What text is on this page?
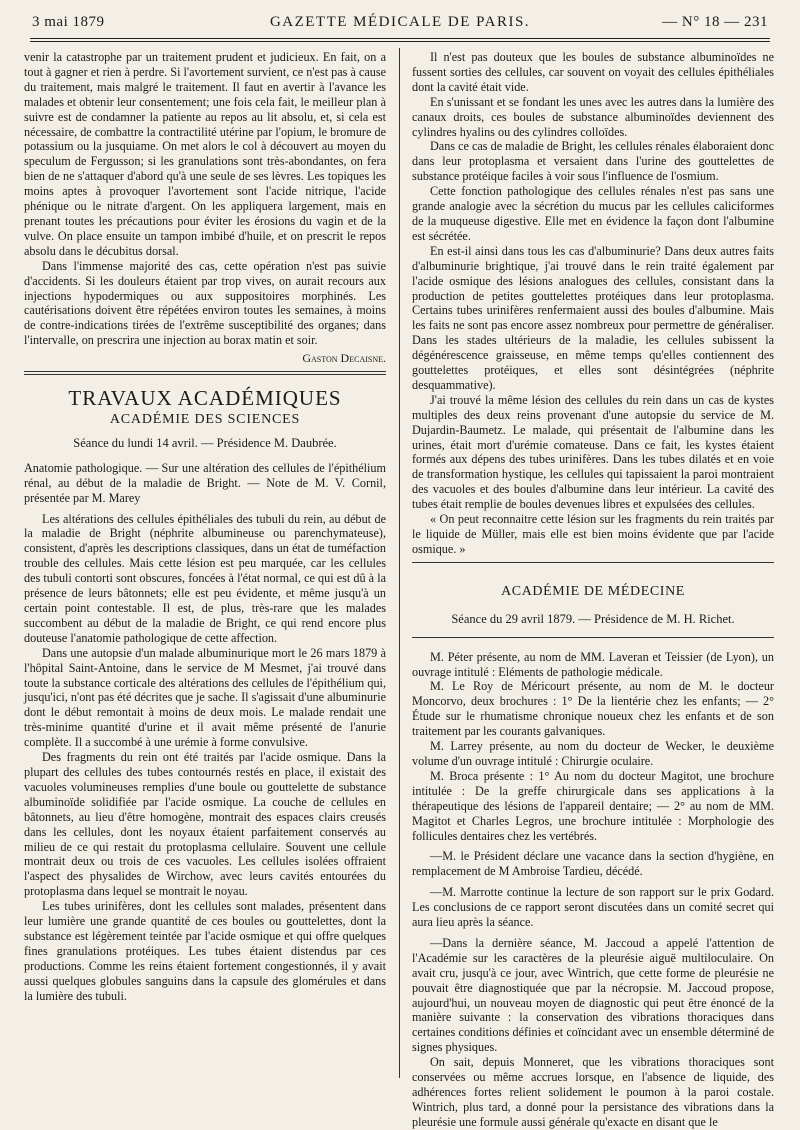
3 mai 1879	GAZETTE MÉDICALE DE PARIS.	— N° 18 — 231

venir la catastrophe par un traitement prudent et judicieux. En fait, on a tout à gagner et rien à perdre. Si l'avortement survient, ce n'est pas à cause du traitement, mais malgré le traitement. Il faut en avertir à l'avance les malades et obtenir leur consentement; une fois cela fait, le meilleur plan à suivre est de condamner la patiente au repos au lit absolu, et, si cela est nécessaire, de combattre la contractilité utérine par l'opium, le bromure de potassium ou la jusquiame. On met alors le col à découvert au moyen du speculum de Fergusson; si les granulations sont très-abondantes, on fera bien de ne s'attaquer d'abord qu'à une seule de ses lèvres. Les topiques les moins aptes à provoquer l'avortement sont l'acide nitrique, l'acide phénique ou le nitrate d'argent. On les appliquera largement, mais en prenant toutes les précautions pour éviter les érosions du vagin et de la vulve. On place ensuite un tampon imbibé d'huile, et on prescrit le repos absolu dans le décubitus dorsal.

Dans l'immense majorité des cas, cette opération n'est pas suivie d'accidents. Si les douleurs étaient par trop vives, on aurait recours aux injections hypodermiques ou aux suppositoires morphinés. Les cautérisations doivent être répétées environ toutes les semaines, à moins de contre-indications tirées de l'extrême susceptibilité des organes; dans l'intervalle, on prescrira une injection au borax matin et soir.

Gaston Decaisne.
TRAVAUX ACADÉMIQUES
ACADÉMIE DES SCIENCES
Séance du lundi 14 avril. — Présidence M. Daubrée.

Anatomie pathologique. — Sur une altération des cellules de l'épithélium rénal, au début de la maladie de Bright. — Note de M. V. Cornil, présentée par M. Marey

Les altérations des cellules épithéliales des tubuli du rein, au début de la maladie de Bright (néphrite albumineuse ou parenchymateuse), consistent, d'après les descriptions classiques, dans un état de tuméfaction trouble des cellules. Mais cette lésion est peu marquée, car les cellules des tubuli contorti sont obscures, foncées à l'état normal, ce qui est dû à la présence de leurs bâtonnets; elle est peu évidente, et même jusqu'à un certain point contestable. Il est, de plus, très-rare que les malades succombent au début de la maladie de Bright, ce qui rend encore plus douteuse l'anatomie pathologique de cette affection.

Dans une autopsie d'un malade albuminurique mort le 26 mars 1879 à l'hôpital Saint-Antoine, dans le service de M Mesmet, j'ai trouvé dans toute la substance corticale des altérations des cellules de l'épithélium qui, jusqu'ici, n'ont pas été décrites que je sache. Il s'agissait d'une albuminurie dont le début remontait à moins de deux mois. Le malade rendait une très-minime quantité d'urine et il avait même présenté de l'anurie complète. Il a succombé à une urémie à forme convulsive.

Des fragments du rein ont été traités par l'acide osmique. Dans la plupart des cellules des tubes contournés restés en place, il existait des vacuoles volumineuses remplies d'une boule ou gouttelette de substance albuminoïde solidifiée par l'acide osmique. La couche de cellules en bâtonnets, au lieu d'être homogène, montrait des espaces clairs creusés dans les cellules, dont les noyaux étaient parfaitement conservés au milieu de ce qui restait du protoplasma cellulaire. Souvent une cellule montrait deux ou trois de ces vacuoles. Les cellules isolées offraient l'aspect des physalides de Wirchow, avec leurs cavités entourées du protoplasma dans lequel se montrait le noyau.

Les tubes urinifères, dont les cellules sont malades, présentent dans leur lumière une grande quantité de ces boules ou gouttelettes, dont la substance est légèrement teintée par l'acide osmique et qui offre quelques fines granulations protéiques. Les tubes étaient distendus par ces productions. Comme les reins étaient fortement congestionnés, il y avait aussi quelques globules sanguins dans la capsule des glomérules et dans la lumière des tubuli.

Il n'est pas douteux que les boules de substance albuminoïdes ne fussent sorties des cellules, car souvent on voyait des cellules épithéliales dont la cavité était vide.

En s'unissant et se fondant les unes avec les autres dans la lumière des canaux droits, ces boules de substance albuminoïdes deviennent des cylindres hyalins ou des cylindres colloïdes.

Dans ce cas de maladie de Bright, les cellules rénales élaboraient donc dans leur protoplasma et versaient dans l'urine des gouttelettes de substance protéique faciles à voir sous l'influence de l'osmium.

Cette fonction pathologique des cellules rénales n'est pas sans une grande analogie avec la sécrétion du mucus par les cellules caliciformes de la muqueuse digestive. Elle met en évidence la façon dont l'albumine est sécrétée.

En est-il ainsi dans tous les cas d'albuminurie? Dans deux autres faits d'albuminurie brightique, j'ai trouvé dans le rein traité également par l'acide osmique des lésions analogues des cellules, consistant dans la production de petites gouttelettes protéiques dans leur protoplasma. Certains tubes urinifères renfermaient aussi des boules d'albumine. Mais les faits ne sont pas encore assez nombreux pour permettre de généraliser. Dans les stades ultérieurs de la maladie, les cellules subissent la dégénérescence graisseuse, en même temps qu'elles contiennent des gouttelettes protéiques, et elles sont désintégrées (néphrite desquammative).

J'ai trouvé la même lésion des cellules du rein dans un cas de kystes multiples des deux reins provenant d'une autopsie du service de M. Dujardin-Baumetz. Le malade, qui présentait de l'albumine dans les urines, était mort d'urémie comateuse. Dans ce fait, les kystes étaient formés aux dépens des tubes urinifères. Dans les tubes dilatés et en voie de transformation hystique, les cellules qui tapissaient la paroi montraient des vacuoles et des boules d'albumine dans leur intérieur. La cavité des tubes était remplie de boules devenues libres et expulsées des cellules.

« On peut reconnaitre cette lésion sur les fragments du rein traités par le liquide de Müller, mais elle est bien moins évidente que par l'acide osmique. »

ACADÉMIE DE MÉDECINE
Séance du 29 avril 1879. — Présidence de M. H. Richet.

M. Péter présente, au nom de MM. Laveran et Teissier (de Lyon), un ouvrage intitulé : Eléments de pathologie médicale.

M. Le Roy de Méricourt présente, au nom de M. le docteur Moncorvo, deux brochures : 1° De la lientérie chez les enfants; — 2° Étude sur le rhumatisme chronique noueux chez les enfants et de son traitement par les courants galvaniques.

M. Larrey présente, au nom du docteur de Wecker, le deuxième volume d'un ouvrage intitulé : Chirurgie oculaire.

M. Broca présente : 1° Au nom du docteur Magitot, une brochure intitulée : De la greffe chirurgicale dans ses applications à la thérapeutique des lésions de l'appareil dentaire; — 2° au nom de MM. Magitot et Charles Legros, une brochure intitulée : Morphologie des follicules dentaires chez les vertébrés.

—M. le Président déclare une vacance dans la section d'hygiène, en remplacement de M Ambroise Tardieu, décédé.

—M. Marrotte continue la lecture de son rapport sur le prix Godard. Les conclusions de ce rapport seront discutées dans un comité secret qui aura lieu après la séance.

—Dans la dernière séance, M. Jaccoud a appelé l'attention de l'Académie sur les caractères de la pleurésie aiguë multiloculaire. On avait cru, jusqu'à ce jour, avec Wintrich, que cette forme de pleurésie ne pouvait être diagnostiquée que par la nécropsie. M. Jaccoud propose, aujourd'hui, un nouveau moyen de diagnostic qui peut être énoncé de la manière suivante : la conservation des vibrations thoraciques dans certaines conditions définies et coïncidant avec un ensemble déterminé de signes physiques.

On sait, depuis Monneret, que les vibrations thoraciques sont conservées ou même accrues lorsque, en l'absence de liquide, des adhérences fortes relient solidement le poumon à la paroi costale. Wintrich, plus tard, a donné pour la persistance des vibrations dans la pleurésie une formule aussi générale qu'exacte en disant que le
